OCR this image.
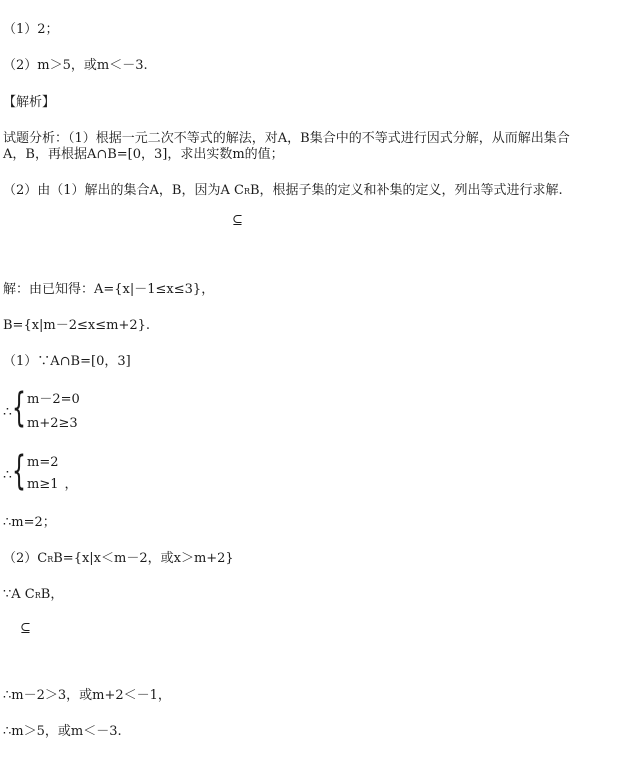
（1）2；
（2）m＞5，或m＜－3.
【解析】
试题分析：（1）根据一元二次不等式的解法，对A，B集合中的不等式进行因式分解，从而解出集合
A，B，再根据A∩B=[0，3]，求出实数m的值；
（2）由（1）解出的集合A，B，因为A CRB，根据子集的定义和补集的定义，列出等式进行求解.
⊆
解：由已知得：A={x|－1≤x≤3}，
B={x|m－2≤x≤m+2}.
（1）∵A∩B=[0，3]
∴ { m－2=0
m+2≥3
∴ { m=2
m≥1 ，
∴m=2；
（2）CRB={x|x＜m－2，或x＞m+2}
∵A CRB，
⊆
∴m－2＞3，或m+2＜－1，
∴m＞5，或m＜－3.
